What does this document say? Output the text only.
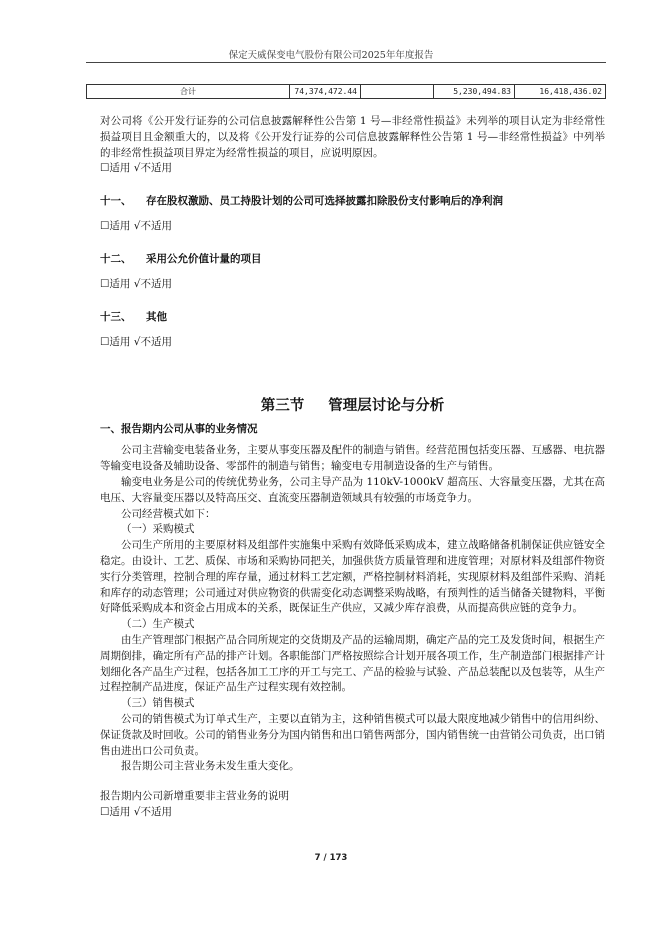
保定天威保变电气股份有限公司2025年年度报告
合计	74,374,472.44		5,230,494.83	16,418,436.02

对公司将《公开发行证券的公司信息披露解释性公告第 1 号—非经常性损益》未列举的项目认定为非经常性损益项目且金额重大的，以及将《公开发行证券的公司信息披露解释性公告第 1 号—非经常性损益》中列举的非经常性损益项目界定为经常性损益的项目，应说明原因。

☐适用 √不适用
十一、	存在股权激励、员工持股计划的公司可选择披露扣除股份支付影响后的净利润
☐适用 √不适用
十二、	采用公允价值计量的项目
☐适用 √不适用
十三、	其他
☐适用 √不适用
第三节 管理层讨论与分析
一、报告期内公司从事的业务情况

公司主营输变电装备业务，主要从事变压器及配件的制造与销售。经营范围包括变压器、互感器、电抗器等输变电设备及辅助设备、零部件的制造与销售；输变电专用制造设备的生产与销售。

输变电业务是公司的传统优势业务，公司主导产品为 110kV-1000kV 超高压、大容量变压器，尤其在高电压、大容量变压器以及特高压交、直流变压器制造领域具有较强的市场竞争力。

公司经营模式如下：

（一）采购模式

公司生产所用的主要原材料及组部件实施集中采购有效降低采购成本，建立战略储备机制保证供应链安全稳定。由设计、工艺、质保、市场和采购协同把关，加强供货方质量管理和进度管理；对原材料及组部件物资实行分类管理，控制合理的库存量，通过材料工艺定额，严格控制材料消耗，实现原材料及组部件采购、消耗和库存的动态管理；公司通过对供应物资的供需变化动态调整采购战略，有预判性的适当储备关键物料，平衡好降低采购成本和资金占用成本的关系，既保证生产供应，又减少库存浪费，从而提高供应链的竞争力。

（二）生产模式

由生产管理部门根据产品合同所规定的交货期及产品的运输周期，确定产品的完工及发货时间，根据生产周期倒排，确定所有产品的排产计划。各职能部门严格按照综合计划开展各项工作，生产制造部门根据排产计划细化各产品生产过程，包括各加工工序的开工与完工、产品的检验与试验、产品总装配以及包装等，从生产过程控制产品进度，保证产品生产过程实现有效控制。

（三）销售模式

公司的销售模式为订单式生产，主要以直销为主，这种销售模式可以最大限度地减少销售中的信用纠纷、保证货款及时回收。公司的销售业务分为国内销售和出口销售两部分，国内销售统一由营销公司负责，出口销售由进出口公司负责。

报告期公司主营业务未发生重大变化。

报告期内公司新增重要非主营业务的说明

☐适用 √不适用
7 / 173
